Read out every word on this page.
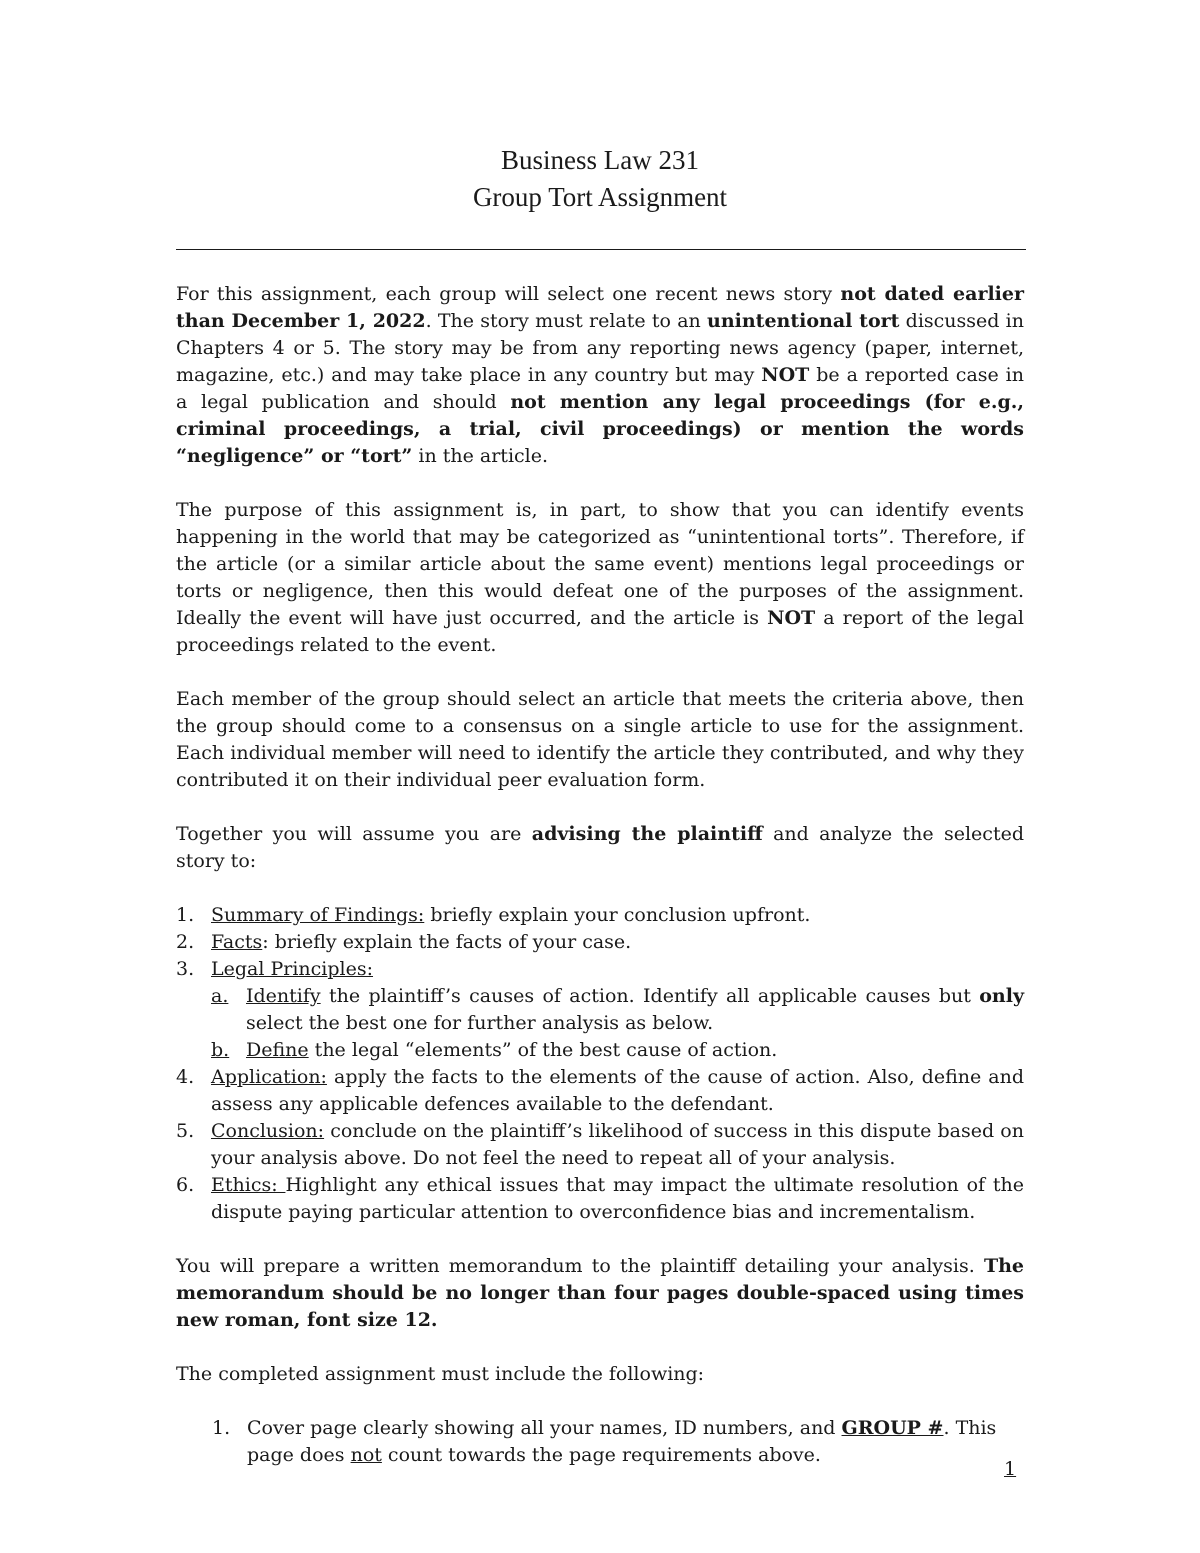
Business Law 231
Group Tort Assignment

For this assignment, each group will select one recent news story not dated earlier than December 1, 2022. The story must relate to an unintentional tort discussed in Chapters 4 or 5. The story may be from any reporting news agency (paper, internet, magazine, etc.) and may take place in any country but may NOT be a reported case in a legal publication and should not mention any legal proceedings (for e.g., criminal proceedings, a trial, civil proceedings) or mention the words “negligence” or “tort” in the article.

The purpose of this assignment is, in part, to show that you can identify events happening in the world that may be categorized as “unintentional torts”. Therefore, if the article (or a similar article about the same event) mentions legal proceedings or torts or negligence, then this would defeat one of the purposes of the assignment. Ideally the event will have just occurred, and the article is NOT a report of the legal proceedings related to the event.

Each member of the group should select an article that meets the criteria above, then the group should come to a consensus on a single article to use for the assignment. Each individual member will need to identify the article they contributed, and why they contributed it on their individual peer evaluation form.

Together you will assume you are advising the plaintiff and analyze the selected story to:

1. Summary of Findings: briefly explain your conclusion upfront.
2. Facts: briefly explain the facts of your case.
3. Legal Principles:
a. Identify the plaintiff’s causes of action. Identify all applicable causes but only select the best one for further analysis as below.
b. Define the legal “elements” of the best cause of action.
4. Application: apply the facts to the elements of the cause of action. Also, define and assess any applicable defences available to the defendant.
5. Conclusion: conclude on the plaintiff’s likelihood of success in this dispute based on your analysis above. Do not feel the need to repeat all of your analysis.
6. Ethics: Highlight any ethical issues that may impact the ultimate resolution of the dispute paying particular attention to overconfidence bias and incrementalism.

You will prepare a written memorandum to the plaintiff detailing your analysis. The memorandum should be no longer than four pages double-spaced using times new roman, font size 12.

The completed assignment must include the following:

1. Cover page clearly showing all your names, ID numbers, and GROUP #. This page does not count towards the page requirements above.
1
